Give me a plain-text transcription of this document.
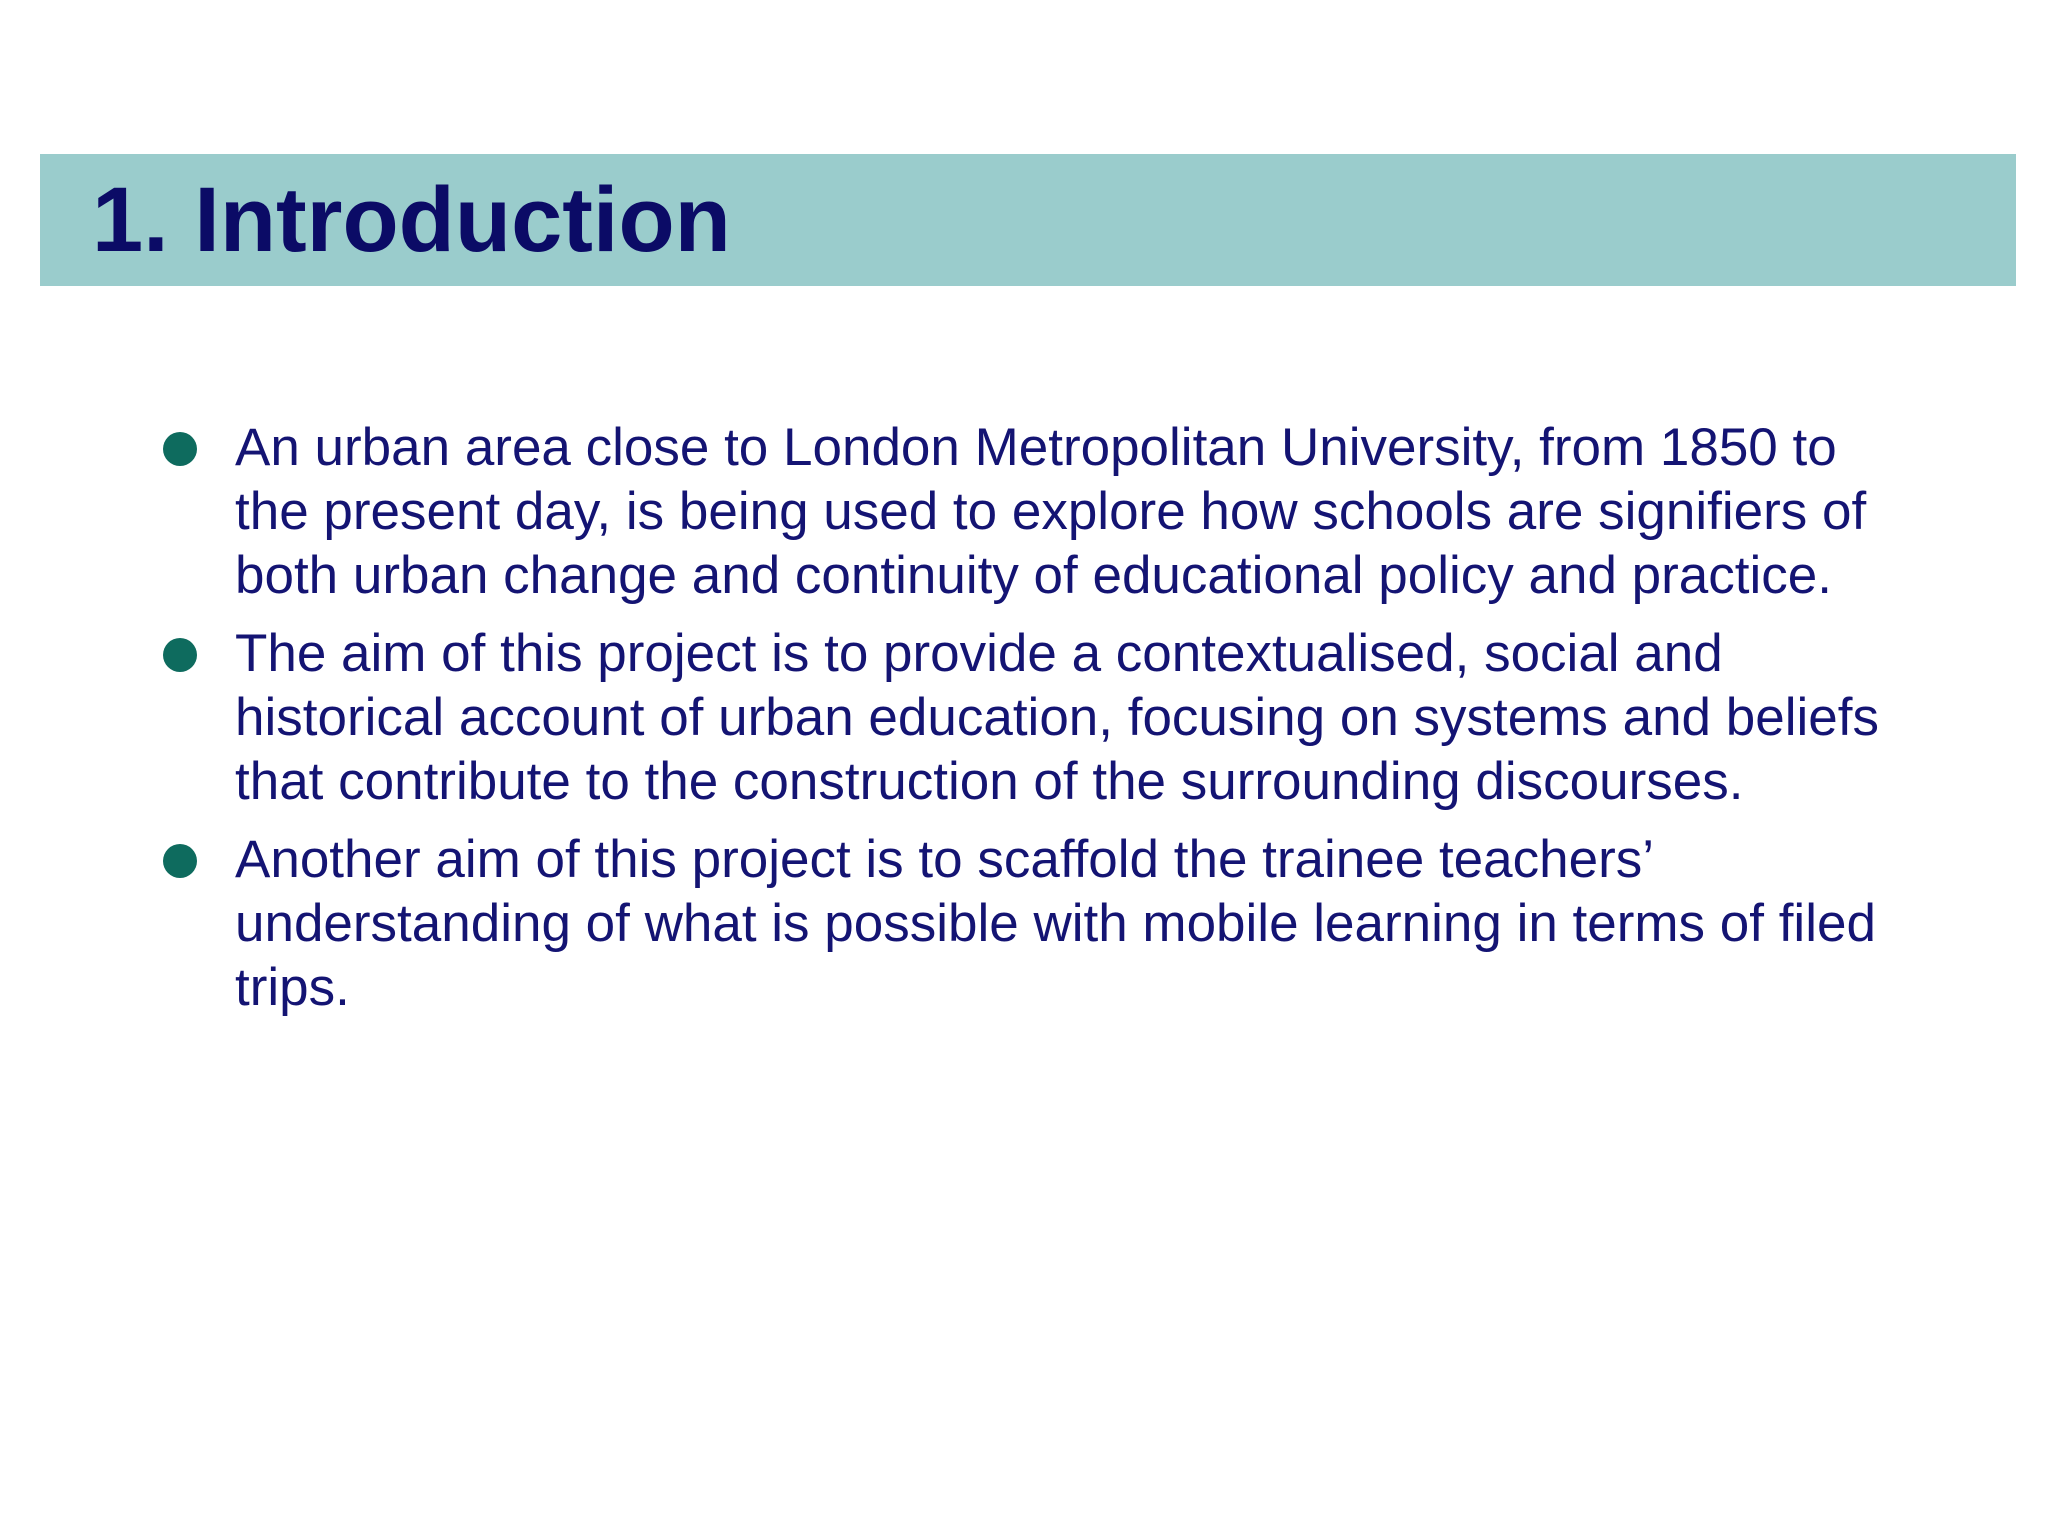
1. Introduction
An urban area close to London Metropolitan University, from 1850 to the present day, is being used to explore how schools are signifiers of both urban change and continuity of educational policy and practice.
The aim of this project is to provide a contextualised, social and historical account of urban education, focusing on systems and beliefs that contribute to the construction of the surrounding discourses.
Another aim of this project is to scaffold the trainee teachers’ understanding of what is possible with mobile learning in terms of filed trips.
